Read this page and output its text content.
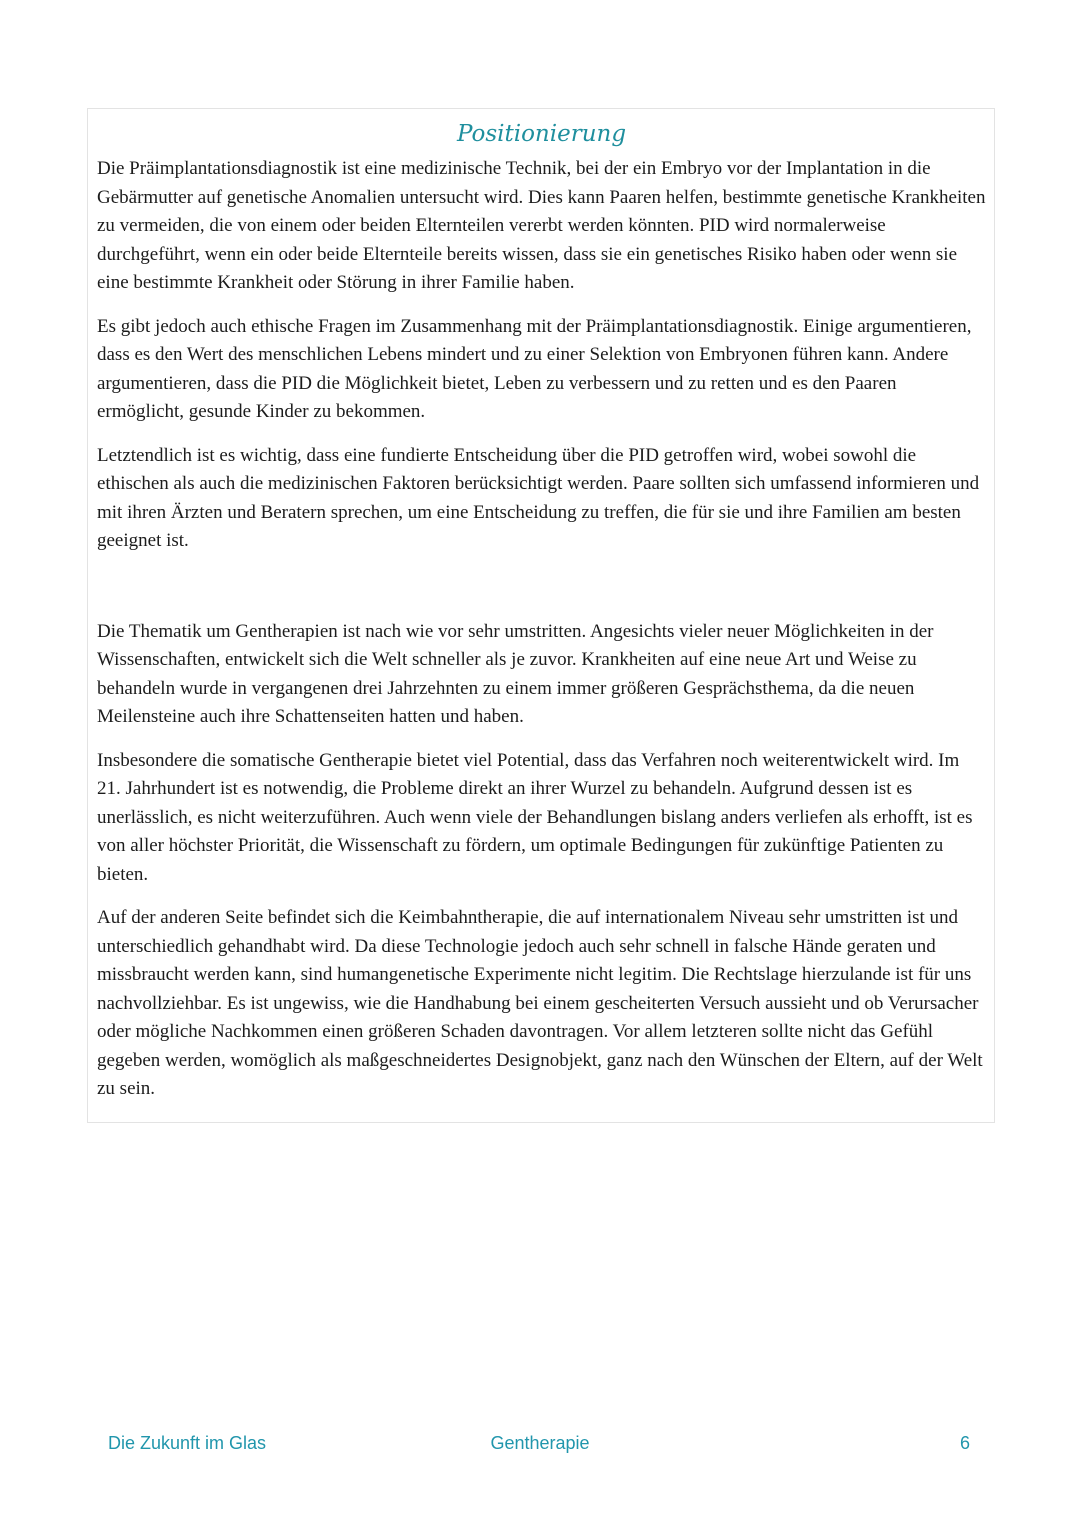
Positionierung

Die Präimplantationsdiagnostik ist eine medizinische Technik, bei der ein Embryo vor der Implantation in die Gebärmutter auf genetische Anomalien untersucht wird. Dies kann Paaren helfen, bestimmte genetische Krankheiten zu vermeiden, die von einem oder beiden Elternteilen vererbt werden könnten. PID wird normalerweise durchgeführt, wenn ein oder beide Elternteile bereits wissen, dass sie ein genetisches Risiko haben oder wenn sie eine bestimmte Krankheit oder Störung in ihrer Familie haben.

Es gibt jedoch auch ethische Fragen im Zusammenhang mit der Präimplantationsdiagnostik. Einige argumentieren, dass es den Wert des menschlichen Lebens mindert und zu einer Selektion von Embryonen führen kann. Andere argumentieren, dass die PID die Möglichkeit bietet, Leben zu verbessern und zu retten und es den Paaren ermöglicht, gesunde Kinder zu bekommen.

Letztendlich ist es wichtig, dass eine fundierte Entscheidung über die PID getroffen wird, wobei sowohl die ethischen als auch die medizinischen Faktoren berücksichtigt werden. Paare sollten sich umfassend informieren und mit ihren Ärzten und Beratern sprechen, um eine Entscheidung zu treffen, die für sie und ihre Familien am besten geeignet ist.

Die Thematik um Gentherapien ist nach wie vor sehr umstritten. Angesichts vieler neuer Möglichkeiten in der Wissenschaften, entwickelt sich die Welt schneller als je zuvor. Krankheiten auf eine neue Art und Weise zu behandeln wurde in vergangenen drei Jahrzehnten zu einem immer größeren Gesprächsthema, da die neuen Meilensteine auch ihre Schattenseiten hatten und haben.

Insbesondere die somatische Gentherapie bietet viel Potential, dass das Verfahren noch weiterentwickelt wird. Im 21. Jahrhundert ist es notwendig, die Probleme direkt an ihrer Wurzel zu behandeln. Aufgrund dessen ist es unerlässlich, es nicht weiterzuführen. Auch wenn viele der Behandlungen bislang anders verliefen als erhofft, ist es von aller höchster Priorität, die Wissenschaft zu fördern, um optimale Bedingungen für zukünftige Patienten zu bieten.

Auf der anderen Seite befindet sich die Keimbahntherapie, die auf internationalem Niveau sehr umstritten ist und unterschiedlich gehandhabt wird. Da diese Technologie jedoch auch sehr schnell in falsche Hände geraten und missbraucht werden kann, sind humangenetische Experimente nicht legitim. Die Rechtslage hierzulande ist für uns nachvollziehbar. Es ist ungewiss, wie die Handhabung bei einem gescheiterten Versuch aussieht und ob Verursacher oder mögliche Nachkommen einen größeren Schaden davontragen. Vor allem letzteren sollte nicht das Gefühl gegeben werden, womöglich als maßgeschneidertes Designobjekt, ganz nach den Wünschen der Eltern, auf der Welt zu sein.

Die Zukunft im Glas	Gentherapie	6
